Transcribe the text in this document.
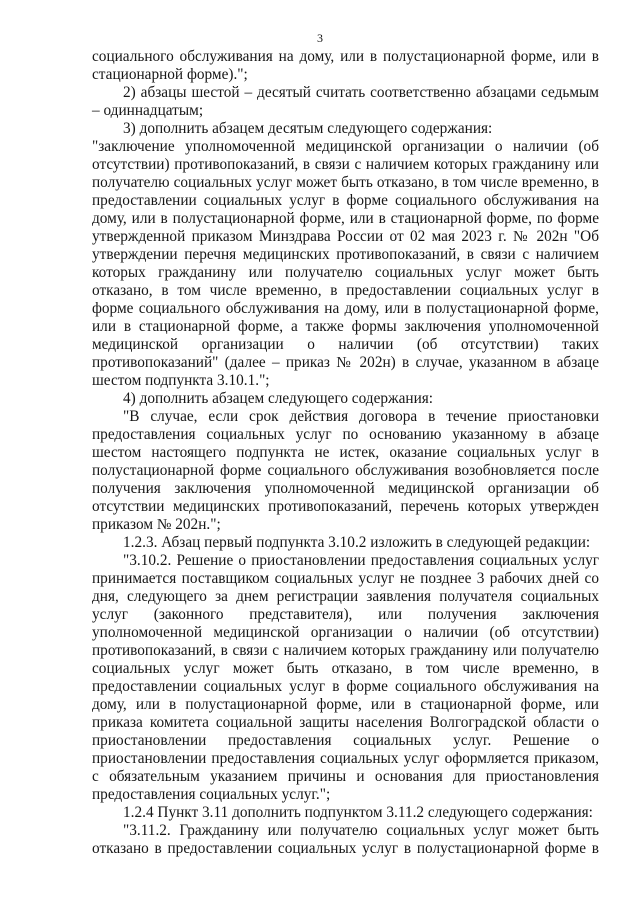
3

социального обслуживания на дому, или в полустационарной форме, или в стационарной форме).";

2) абзацы шестой – десятый считать соответственно абзацами седьмым – одиннадцатым;

3) дополнить абзацем десятым следующего содержания:

"заключение уполномоченной медицинской организации о наличии (об отсутствии) противопоказаний, в связи с наличием которых гражданину или получателю социальных услуг может быть отказано, в том числе временно, в предоставлении социальных услуг в форме социального обслуживания на дому, или в полустационарной форме, или в стационарной форме, по форме утвержденной приказом Минздрава России от 02 мая 2023 г. № 202н "Об утверждении перечня медицинских противопоказаний, в связи с наличием которых гражданину или получателю социальных услуг может быть отказано, в том числе временно, в предоставлении социальных услуг в форме социального обслуживания на дому, или в полустационарной форме, или в стационарной форме, а также формы заключения уполномоченной медицинской организации о наличии (об отсутствии) таких противопоказаний" (далее – приказ № 202н) в случае, указанном в абзаце шестом подпункта 3.10.1.";

4) дополнить абзацем следующего содержания:

"В случае, если срок действия договора в течение приостановки предоставления социальных услуг по основанию указанному в абзаце шестом настоящего подпункта не истек, оказание социальных услуг в полустационарной форме социального обслуживания возобновляется после получения заключения уполномоченной медицинской организации об отсутствии медицинских противопоказаний, перечень которых утвержден приказом № 202н.";

1.2.3. Абзац первый подпункта 3.10.2 изложить в следующей редакции:

"3.10.2. Решение о приостановлении предоставления социальных услуг принимается поставщиком социальных услуг не позднее 3 рабочих дней со дня, следующего за днем регистрации заявления получателя социальных услуг (законного представителя), или получения заключения уполномоченной медицинской организации о наличии (об отсутствии) противопоказаний, в связи с наличием которых гражданину или получателю социальных услуг может быть отказано, в том числе временно, в предоставлении социальных услуг в форме социального обслуживания на дому, или в полустационарной форме, или в стационарной форме, или приказа комитета социальной защиты населения Волгоградской области о приостановлении предоставления социальных услуг. Решение о приостановлении предоставления социальных услуг оформляется приказом, с обязательным указанием причины и основания для приостановления предоставления социальных услуг.";

1.2.4 Пункт 3.11 дополнить подпунктом 3.11.2 следующего содержания:

"3.11.2. Гражданину или получателю социальных услуг может быть отказано в предоставлении социальных услуг в полустационарной форме в
